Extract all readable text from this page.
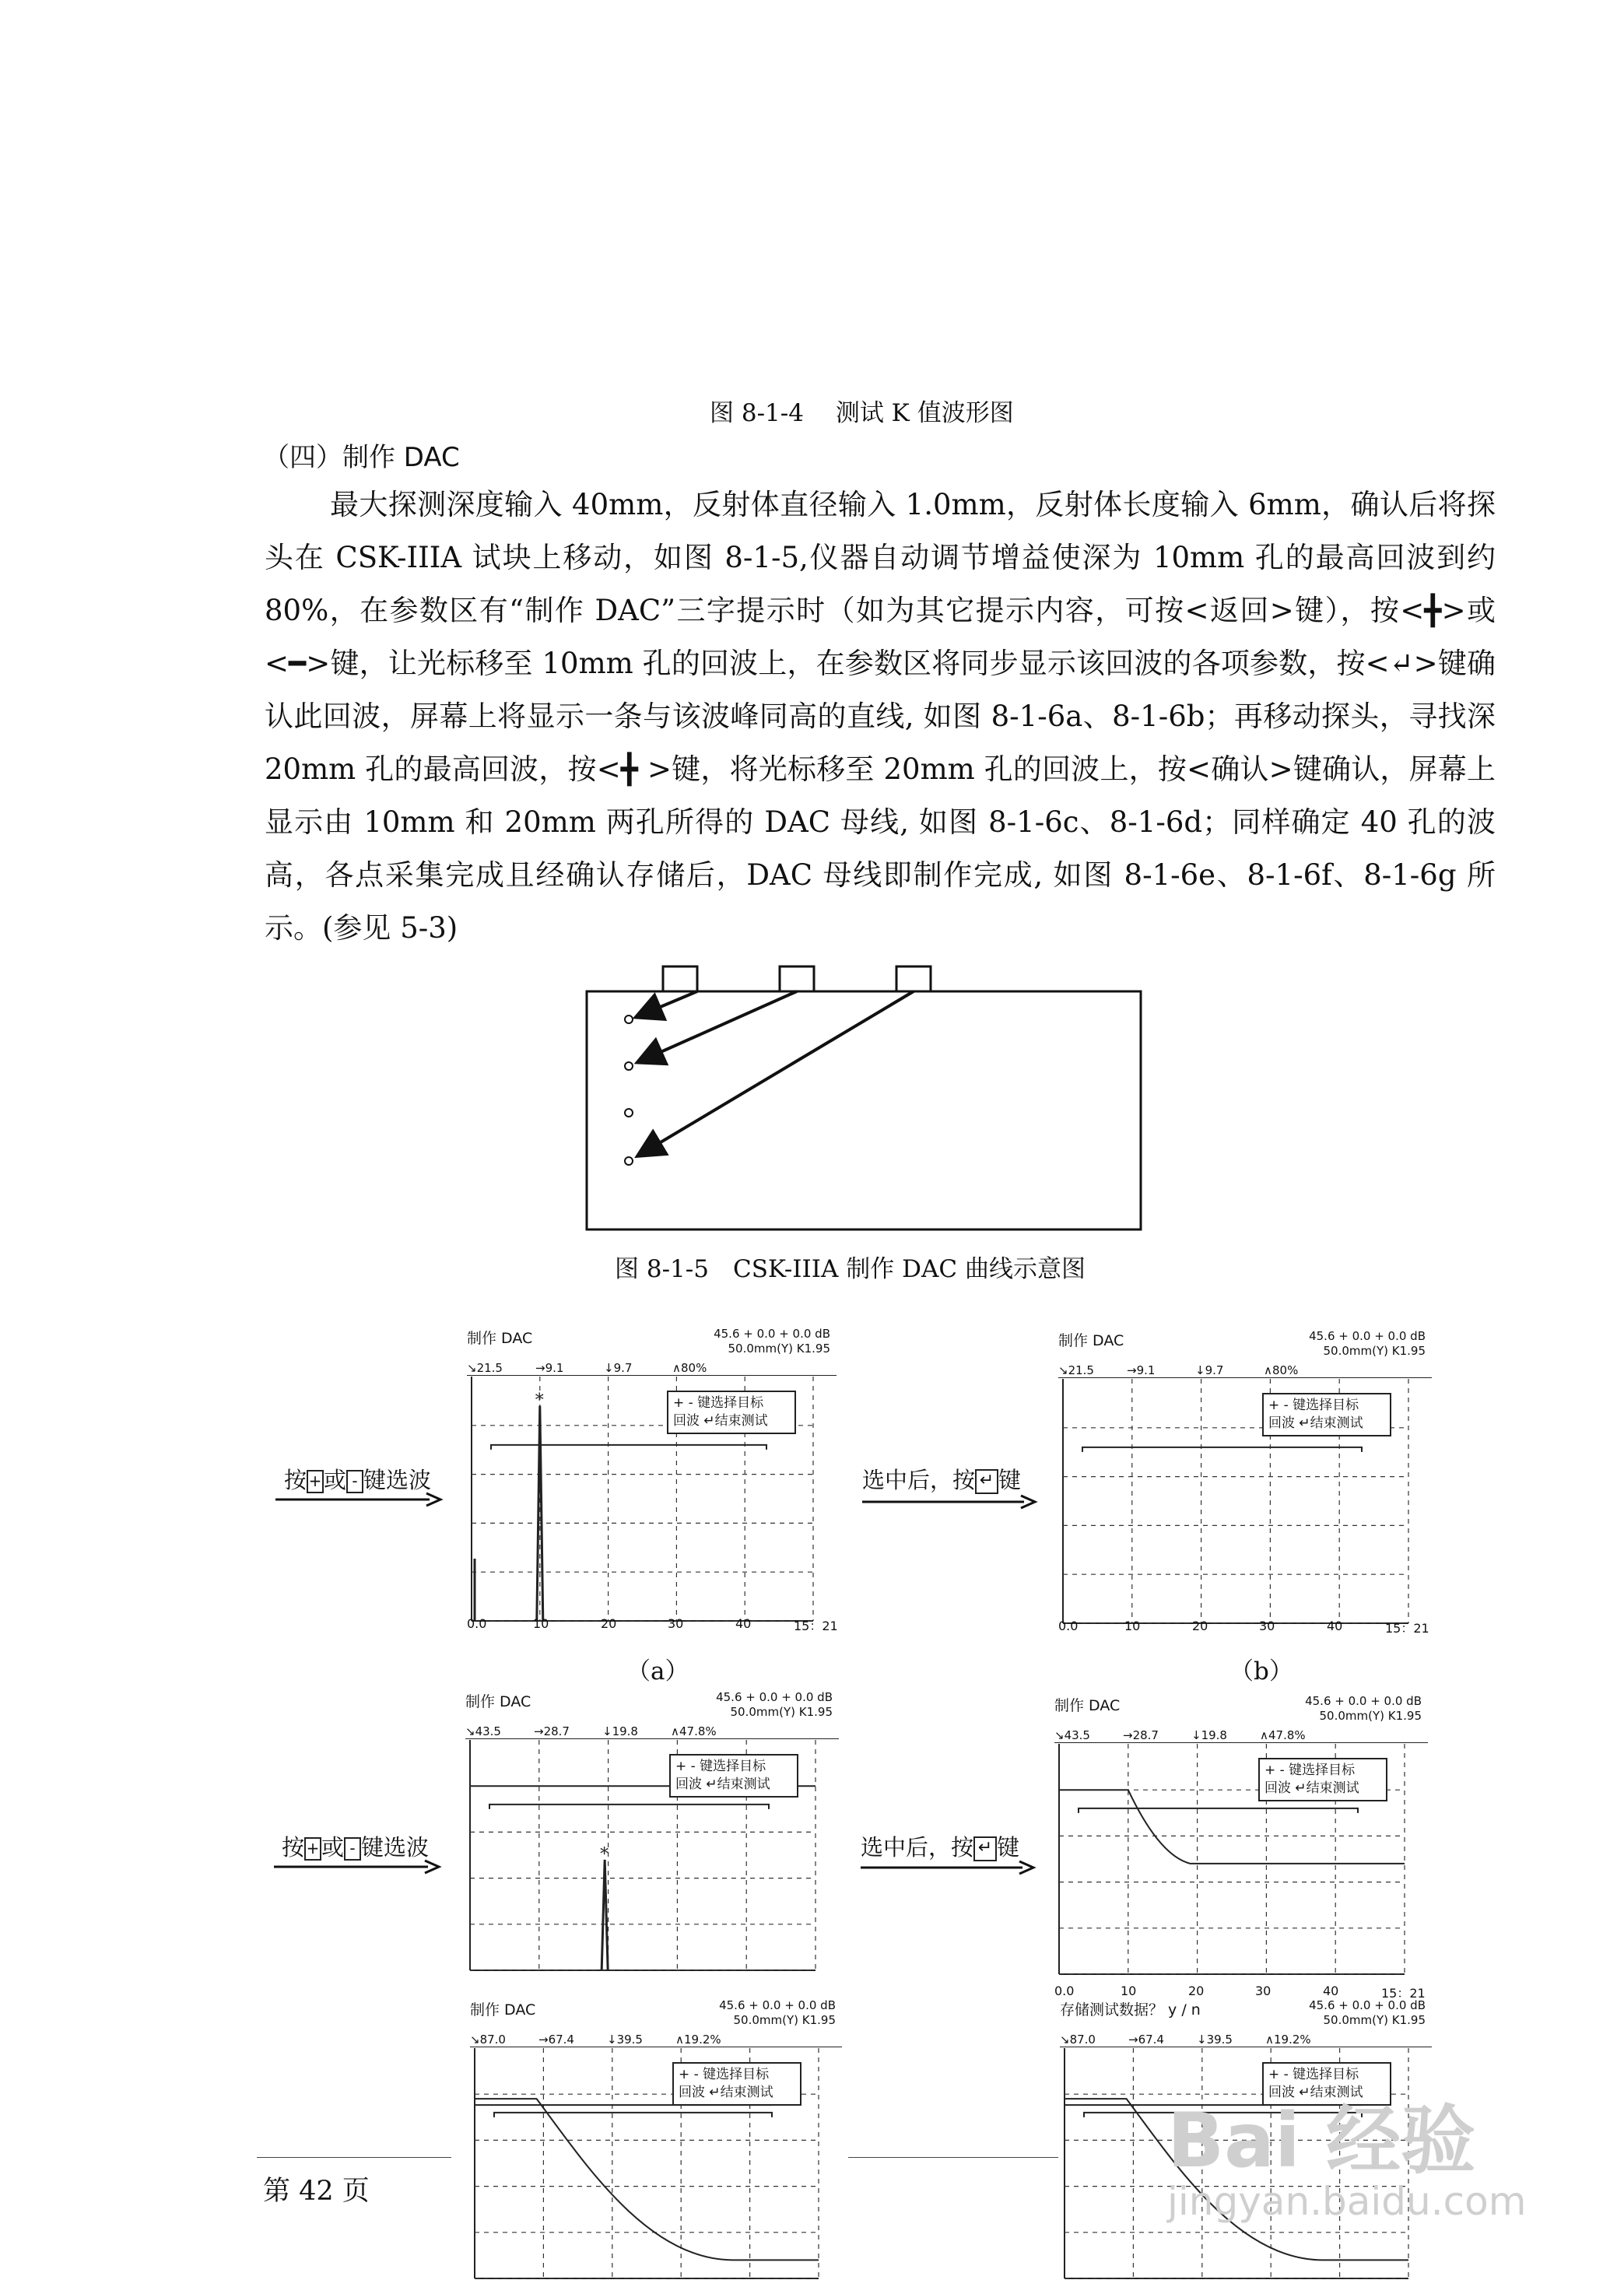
图 8-1-4　 测试 K 值波形图
（四）制作 DAC

最大探测深度输入 40mm，反射体直径输入 1.0mm，反射体长度输入 6mm，确认后将探头在 CSK-IIIA 试块上移动，如图 8-1-5,仪器自动调节增益使深为 10mm 孔的最高回波到约 80%，在参数区有“制作 DAC”三字提示时（如为其它提示内容，可按<返回>键），按<╋>或<━>键，让光标移至 10mm 孔的回波上，在参数区将同步显示该回波的各项参数，按<↵>键确认此回波，屏幕上将显示一条与该波峰同高的直线, 如图 8-1-6a、8-1-6b；再移动探头，寻找深 20mm 孔的最高回波，按<╋ >键，将光标移至 20mm 孔的回波上，按<确认>键确认，屏幕上显示由 10mm 和 20mm 两孔所得的 DAC 母线, 如图 8-1-6c、8-1-6d；同样确定 40 孔的波高，各点采集完成且经确认存储后，DAC 母线即制作完成, 如图 8-1-6e、8-1-6f、8-1-6g 所示。(参见 5-3)

图 8-1-5　CSK-IIIA 制作 DAC 曲线示意图
制作 DAC	45.6 + 0.0 + 0.0 dB
50.0mm(Y) K1.95
↘21.5	→9.1	↓9.7	∧80%
*	+ - 键选择目标
回波 ↵结束测试
0.0	10	20	30	40	15：21
（a）
制作 DAC	45.6 + 0.0 + 0.0 dB
50.0mm(Y) K1.95
↘21.5	→9.1	↓9.7	∧80%
+ - 键选择目标
回波 ↵结束测试
0.0	10	20	30	40	15：21
（b）
制作 DAC	45.6 + 0.0 + 0.0 dB
50.0mm(Y) K1.95
↘43.5	→28.7	↓19.8	∧47.8%
*
+ - 键选择目标
回波 ↵结束测试
制作 DAC	45.6 + 0.0 + 0.0 dB
50.0mm(Y) K1.95
↘43.5	→28.7	↓19.8	∧47.8%
+ - 键选择目标
回波 ↵结束测试
0.0	10	20	30	40	15：21
制作 DAC	45.6 + 0.0 + 0.0 dB
50.0mm(Y) K1.95
↘87.0	→67.4	↓39.5	∧19.2%
+ - 键选择目标
回波 ↵结束测试
存储测试数据？ y / n	45.6 + 0.0 + 0.0 dB
50.0mm(Y) K1.95
↘87.0	→67.4	↓39.5	∧19.2%
+ - 键选择目标
回波 ↵结束测试
按 +或 - 键选波	选中后，按 ↵ 键
按 +或 - 键选波	选中后，按 ↵ 键
第 42 页
Bai 经验
jingyan.baidu.com
